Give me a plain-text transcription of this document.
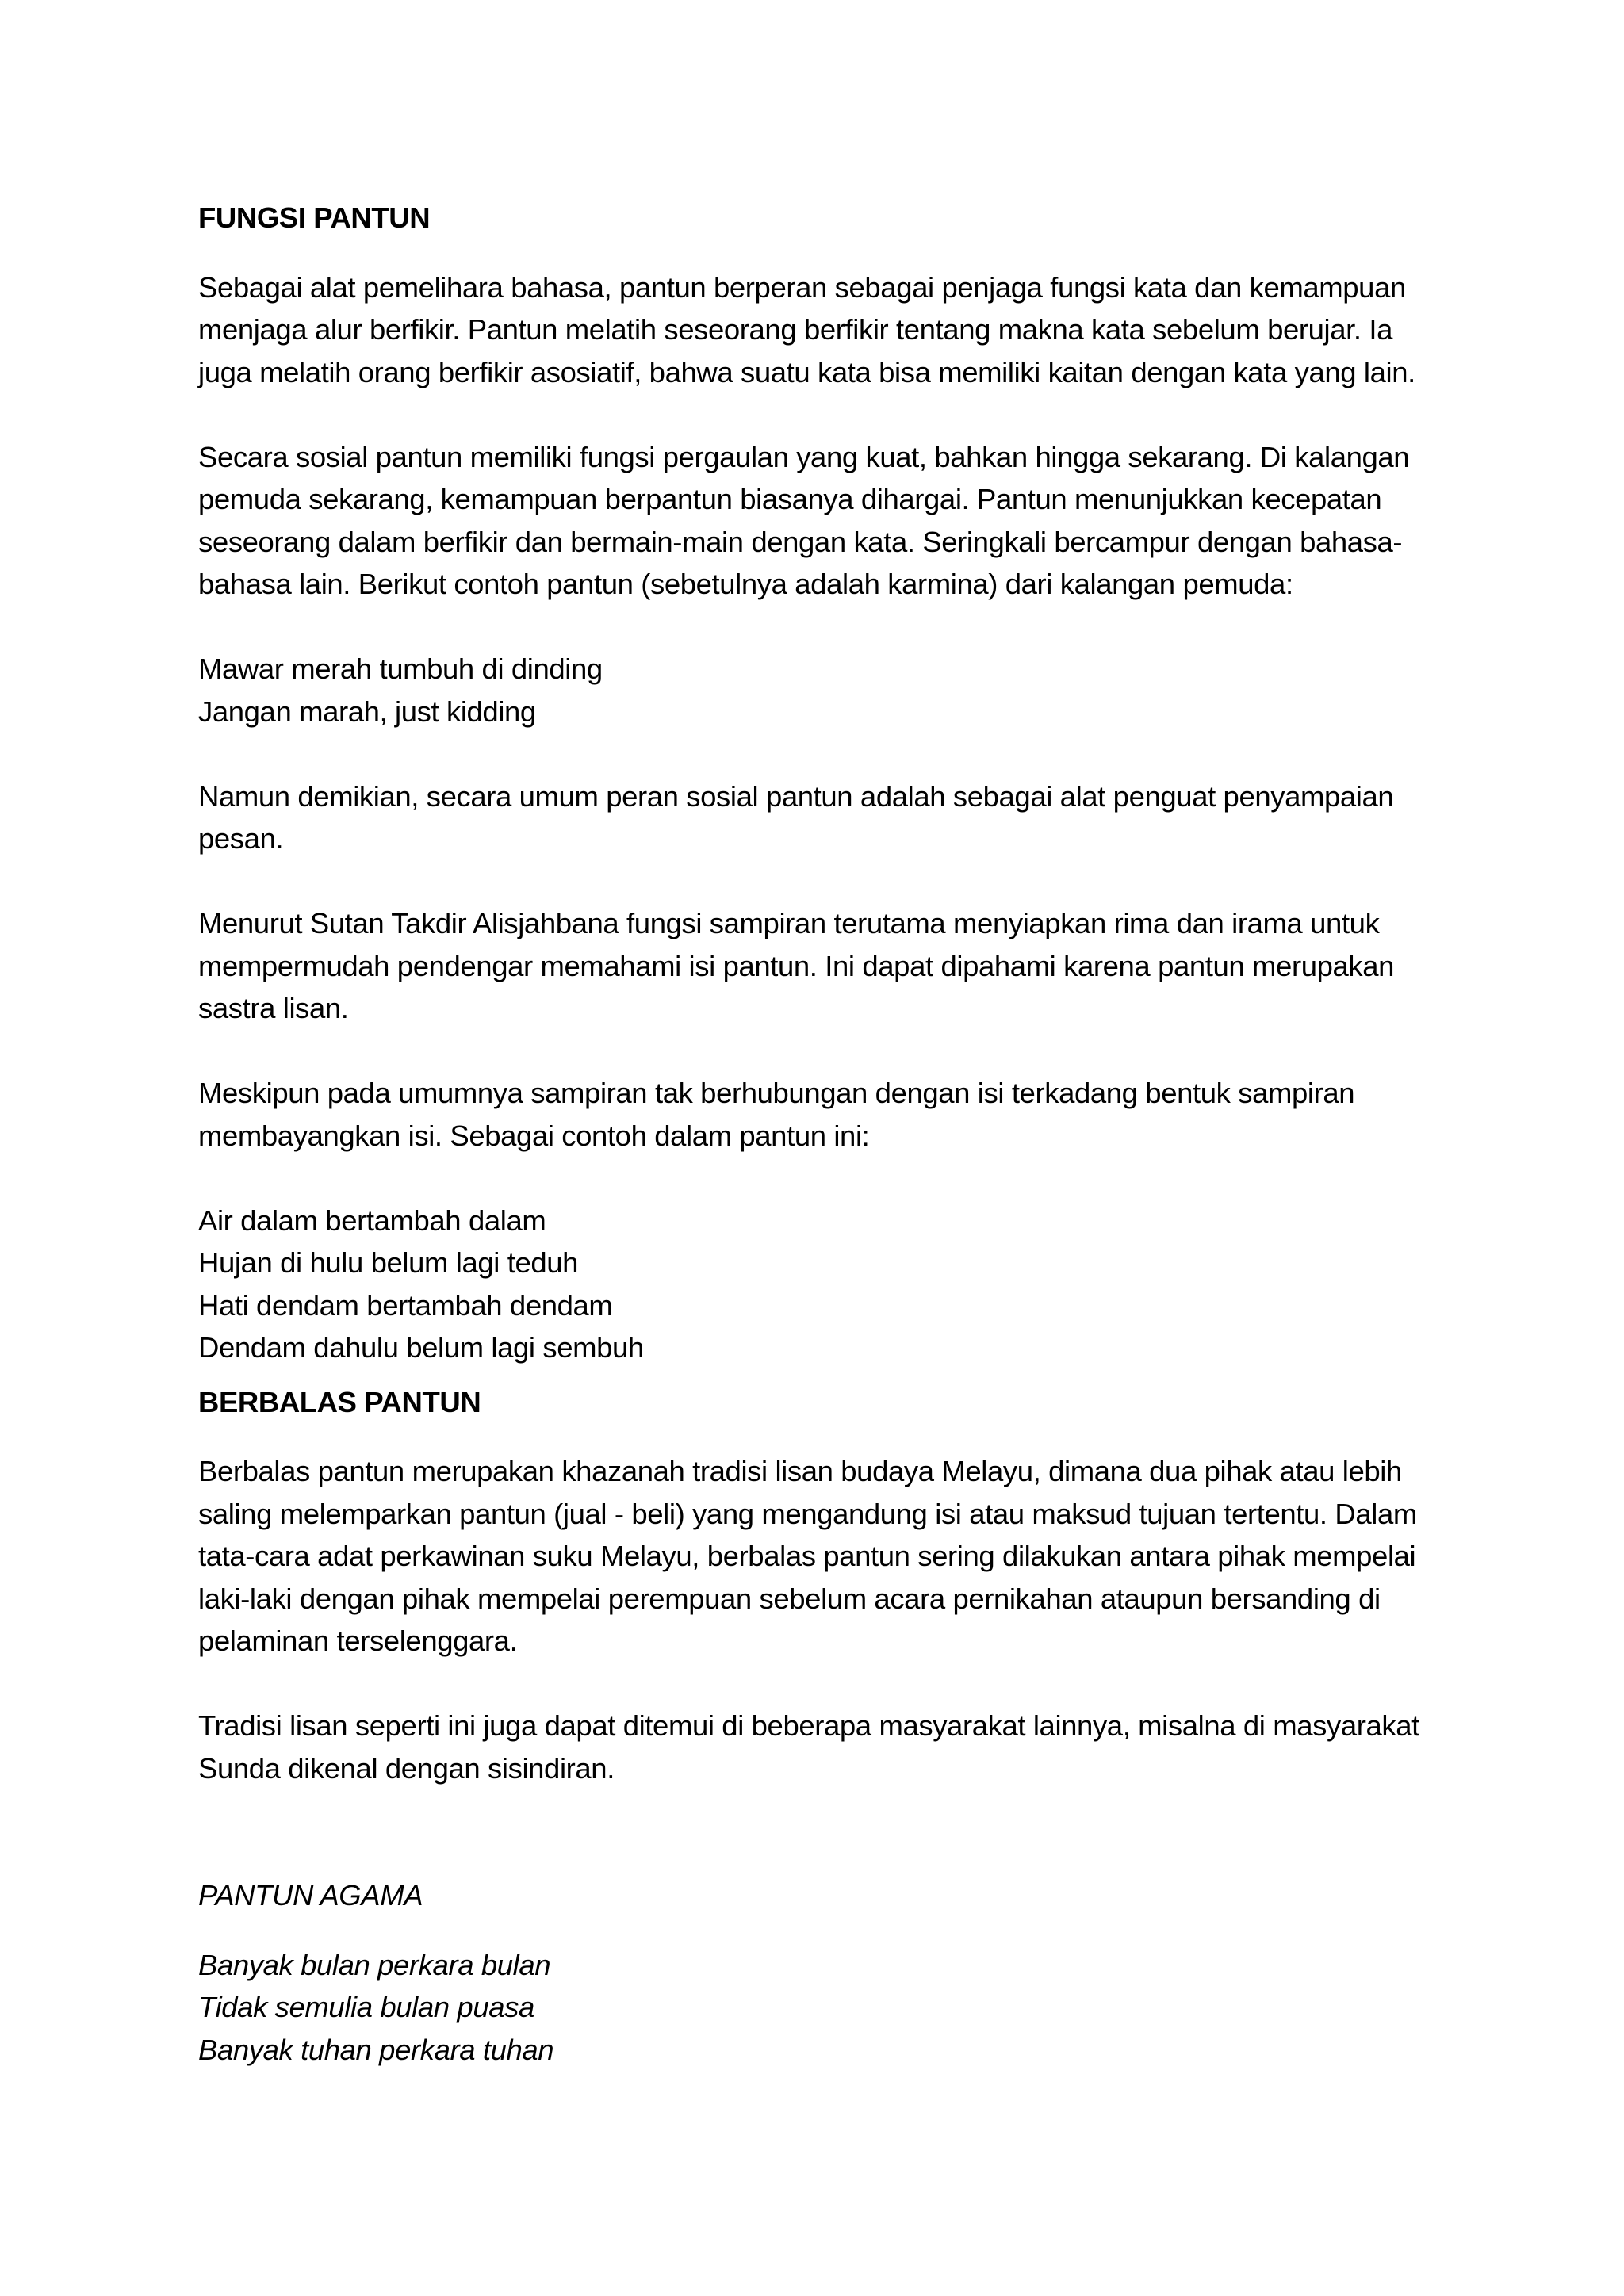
FUNGSI PANTUN

Sebagai alat pemelihara bahasa, pantun berperan sebagai penjaga fungsi kata dan kemampuan
menjaga alur berfikir. Pantun melatih seseorang berfikir tentang makna kata sebelum berujar. Ia
juga melatih orang berfikir asosiatif, bahwa suatu kata bisa memiliki kaitan dengan kata yang lain.

Secara sosial pantun memiliki fungsi pergaulan yang kuat, bahkan hingga sekarang. Di kalangan
pemuda sekarang, kemampuan berpantun biasanya dihargai. Pantun menunjukkan kecepatan
seseorang dalam berfikir dan bermain-main dengan kata. Seringkali bercampur dengan bahasa-
bahasa lain. Berikut contoh pantun (sebetulnya adalah karmina) dari kalangan pemuda:

Mawar merah tumbuh di dinding
Jangan marah, just kidding

Namun demikian, secara umum peran sosial pantun adalah sebagai alat penguat penyampaian
pesan.

Menurut Sutan Takdir Alisjahbana fungsi sampiran terutama menyiapkan rima dan irama untuk
mempermudah pendengar memahami isi pantun. Ini dapat dipahami karena pantun merupakan
sastra lisan.

Meskipun pada umumnya sampiran tak berhubungan dengan isi terkadang bentuk sampiran
membayangkan isi. Sebagai contoh dalam pantun ini:

Air dalam bertambah dalam
Hujan di hulu belum lagi teduh
Hati dendam bertambah dendam
Dendam dahulu belum lagi sembuh
BERBALAS PANTUN

Berbalas pantun merupakan khazanah tradisi lisan budaya Melayu, dimana dua pihak atau lebih
saling melemparkan pantun (jual - beli) yang mengandung isi atau maksud tujuan tertentu. Dalam
tata-cara adat perkawinan suku Melayu, berbalas pantun sering dilakukan antara pihak mempelai
laki-laki dengan pihak mempelai perempuan sebelum acara pernikahan ataupun bersanding di
pelaminan terselenggara.

Tradisi lisan seperti ini juga dapat ditemui di beberapa masyarakat lainnya, misalna di masyarakat
Sunda dikenal dengan sisindiran.

PANTUN AGAMA
Banyak bulan perkara bulan
Tidak semulia bulan puasa
Banyak tuhan perkara tuhan
